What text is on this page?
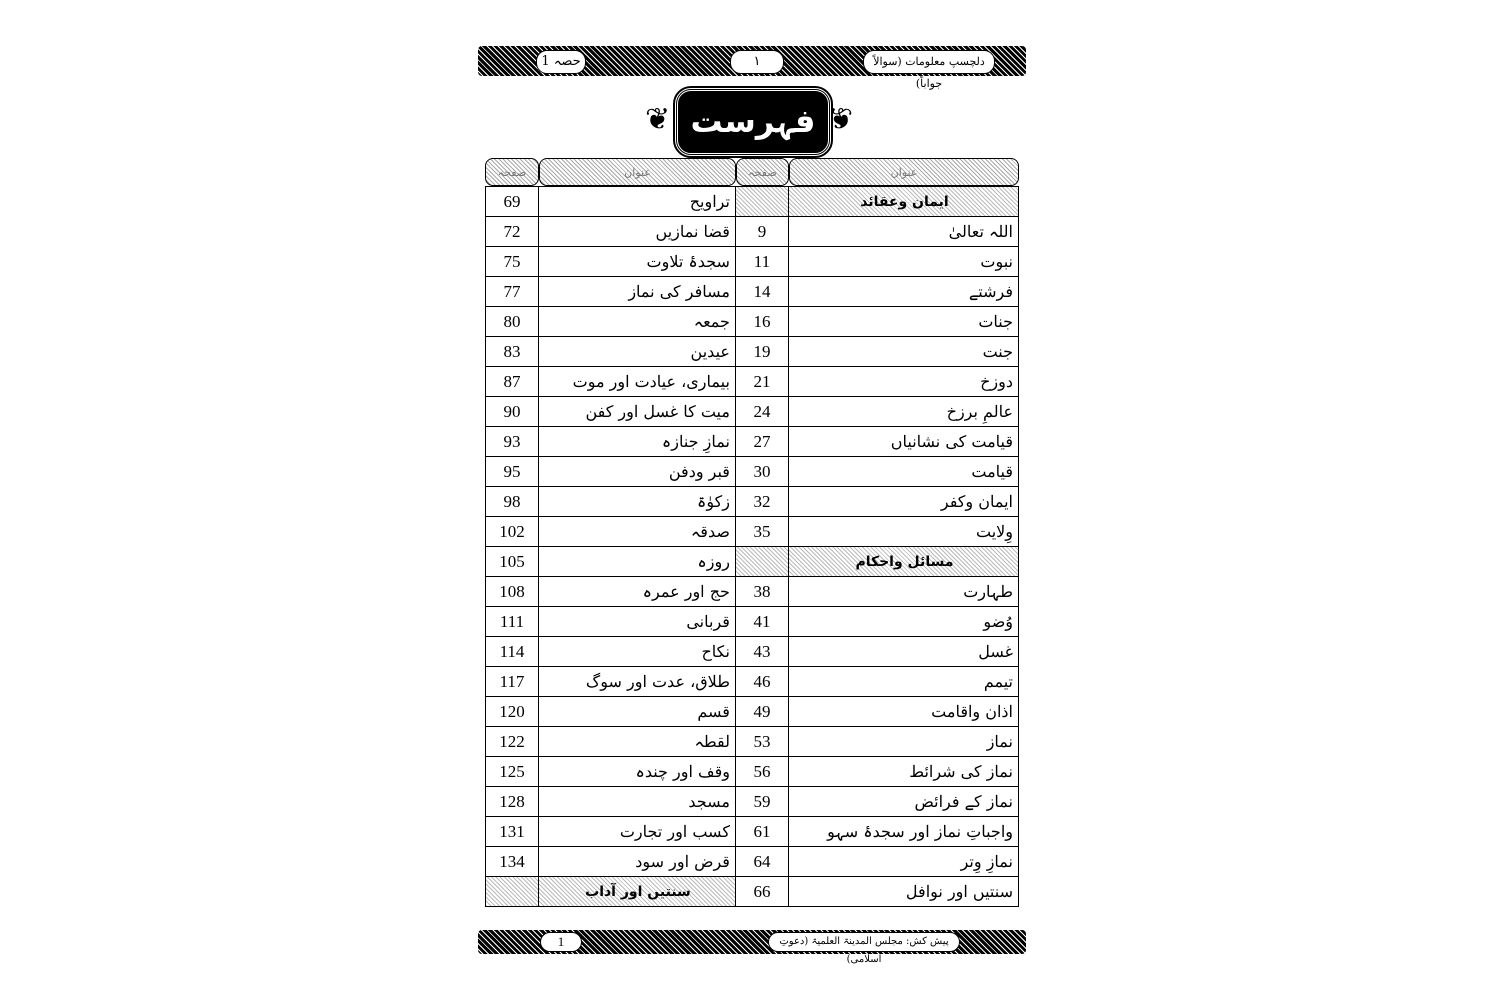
حصہ 1	۱	دلچسپ معلومات (سوالاً جواباً)
❦ فہرست ❦
صفحہ	عنوان	صفحہ	عنوان
69	تراویح		ایمان وعقائد
72	قضا نمازیں	9	اللہ تعالیٰ
75	سجدۂ تلاوت	11	نبوت
77	مسافر کی نماز	14	فرشتے
80	جمعہ	16	جنات
83	عیدین	19	جنت
87	بیماری، عیادت اور موت	21	دوزخ
90	میت کا غسل اور کفن	24	عالمِ برزخ
93	نمازِ جنازہ	27	قیامت کی نشانیاں
95	قبر ودفن	30	قیامت
98	زکوٰۃ	32	ایمان وکفر
102	صدقہ	35	وِلایت
105	روزہ		مسائل واحکام
108	حج اور عمرہ	38	طہارت
111	قربانی	41	وُضو
114	نکاح	43	غسل
117	طلاق، عدت اور سوگ	46	تیمم
120	قسم	49	اذان واقامت
122	لقطہ	53	نماز
125	وقف اور چندہ	56	نماز کی شرائط
128	مسجد	59	نماز کے فرائض
131	کسب اور تجارت	61	واجباتِ نماز اور سجدۂ سہو
134	قرض اور سود	64	نمازِ وِتر
	سنتیں اور آداب	66	سنتیں اور نوافل
1	پیش کش: مجلس المدینۃ العلمیۃ (دعوتِ اسلامی)
